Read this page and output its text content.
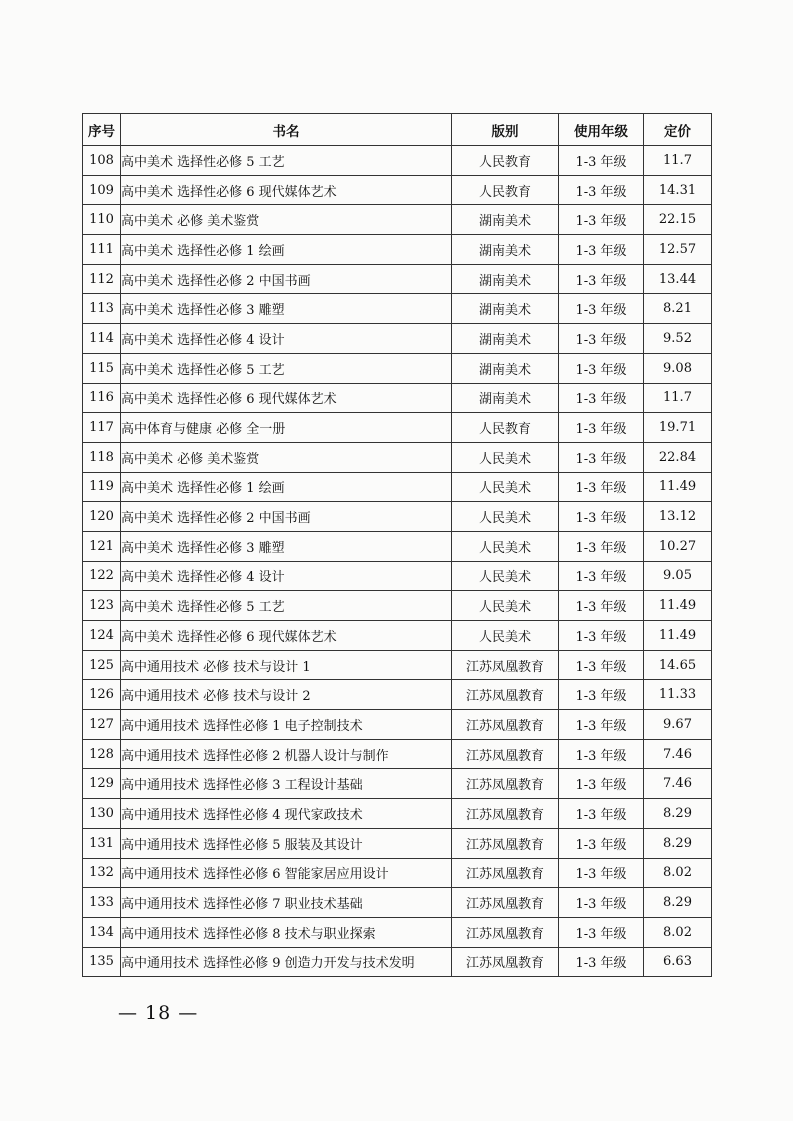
序号	书名	版别	使用年级	定价
108	高中美术 选择性必修 5 工艺	人民教育	1-3 年级	11.7
109	高中美术 选择性必修 6 现代媒体艺术	人民教育	1-3 年级	14.31
110	高中美术 必修 美术鉴赏	湖南美术	1-3 年级	22.15
111	高中美术 选择性必修 1 绘画	湖南美术	1-3 年级	12.57
112	高中美术 选择性必修 2 中国书画	湖南美术	1-3 年级	13.44
113	高中美术 选择性必修 3 雕塑	湖南美术	1-3 年级	8.21
114	高中美术 选择性必修 4 设计	湖南美术	1-3 年级	9.52
115	高中美术 选择性必修 5 工艺	湖南美术	1-3 年级	9.08
116	高中美术 选择性必修 6 现代媒体艺术	湖南美术	1-3 年级	11.7
117	高中体育与健康 必修 全一册	人民教育	1-3 年级	19.71
118	高中美术 必修 美术鉴赏	人民美术	1-3 年级	22.84
119	高中美术 选择性必修 1 绘画	人民美术	1-3 年级	11.49
120	高中美术 选择性必修 2 中国书画	人民美术	1-3 年级	13.12
121	高中美术 选择性必修 3 雕塑	人民美术	1-3 年级	10.27
122	高中美术 选择性必修 4 设计	人民美术	1-3 年级	9.05
123	高中美术 选择性必修 5 工艺	人民美术	1-3 年级	11.49
124	高中美术 选择性必修 6 现代媒体艺术	人民美术	1-3 年级	11.49
125	高中通用技术 必修 技术与设计 1	江苏凤凰教育	1-3 年级	14.65
126	高中通用技术 必修 技术与设计 2	江苏凤凰教育	1-3 年级	11.33
127	高中通用技术 选择性必修 1 电子控制技术	江苏凤凰教育	1-3 年级	9.67
128	高中通用技术 选择性必修 2 机器人设计与制作	江苏凤凰教育	1-3 年级	7.46
129	高中通用技术 选择性必修 3 工程设计基础	江苏凤凰教育	1-3 年级	7.46
130	高中通用技术 选择性必修 4 现代家政技术	江苏凤凰教育	1-3 年级	8.29
131	高中通用技术 选择性必修 5 服装及其设计	江苏凤凰教育	1-3 年级	8.29
132	高中通用技术 选择性必修 6 智能家居应用设计	江苏凤凰教育	1-3 年级	8.02
133	高中通用技术 选择性必修 7 职业技术基础	江苏凤凰教育	1-3 年级	8.29
134	高中通用技术 选择性必修 8 技术与职业探索	江苏凤凰教育	1-3 年级	8.02
135	高中通用技术 选择性必修 9 创造力开发与技术发明	江苏凤凰教育	1-3 年级	6.63
— 18 —
